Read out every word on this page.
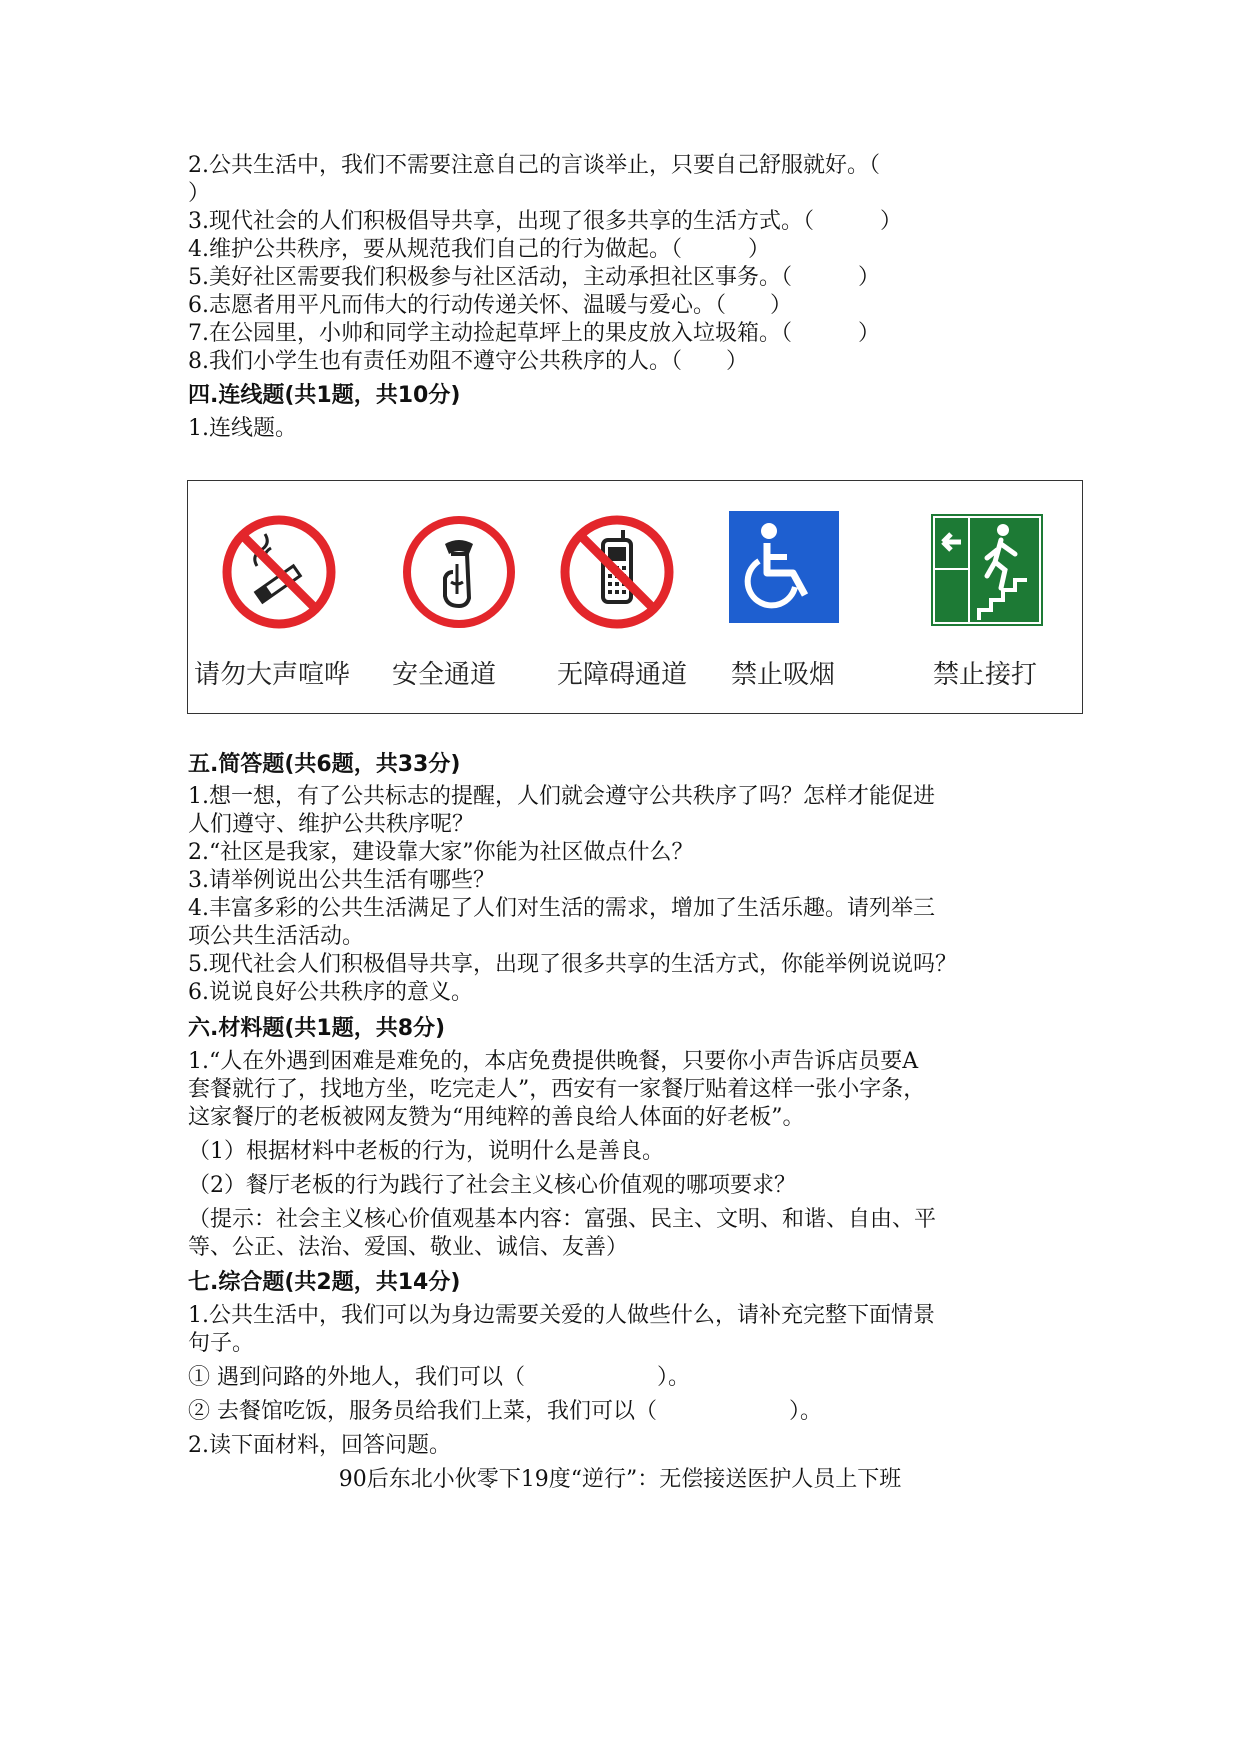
2.公共生活中，我们不需要注意自己的言谈举止，只要自己舒服就好。（
）
3.现代社会的人们积极倡导共享，出现了很多共享的生活方式。（　　　）
4.维护公共秩序，要从规范我们自己的行为做起。（　　　）
5.美好社区需要我们积极参与社区活动，主动承担社区事务。（　　　）
6.志愿者用平凡而伟大的行动传递关怀、温暖与爱心。（　　）
7.在公园里，小帅和同学主动捡起草坪上的果皮放入垃圾箱。（　　　）
8.我们小学生也有责任劝阻不遵守公共秩序的人。（　　）
四.连线题(共1题，共10分)
1.连线题。
请勿大声喧哗 安全通道 无障碍通道 禁止吸烟	禁止接打
五.简答题(共6题，共33分)
1.想一想，有了公共标志的提醒，人们就会遵守公共秩序了吗？怎样才能促进
人们遵守、维护公共秩序呢？
2.“社区是我家，建设靠大家”你能为社区做点什么？
3.请举例说出公共生活有哪些？
4.丰富多彩的公共生活满足了人们对生活的需求，增加了生活乐趣。请列举三
项公共生活活动。
5.现代社会人们积极倡导共享，出现了很多共享的生活方式，你能举例说说吗？
6.说说良好公共秩序的意义。
六.材料题(共1题，共8分)
1.“人在外遇到困难是难免的，本店免费提供晚餐，只要你小声告诉店员要A
套餐就行了，找地方坐，吃完走人”，西安有一家餐厅贴着这样一张小字条，
这家餐厅的老板被网友赞为“用纯粹的善良给人体面的好老板”。
（1）根据材料中老板的行为，说明什么是善良。
（2）餐厅老板的行为践行了社会主义核心价值观的哪项要求？
（提示：社会主义核心价值观基本内容：富强、民主、文明、和谐、自由、平
等、公正、法治、爱国、敬业、诚信、友善）
七.综合题(共2题，共14分)
1.公共生活中，我们可以为身边需要关爱的人做些什么，请补充完整下面情景
句子。
① 遇到问路的外地人，我们可以（　　　　　　）。
② 去餐馆吃饭，服务员给我们上菜，我们可以（　　　　　　）。
2.读下面材料，回答问题。
90后东北小伙零下19度“逆行”：无偿接送医护人员上下班
